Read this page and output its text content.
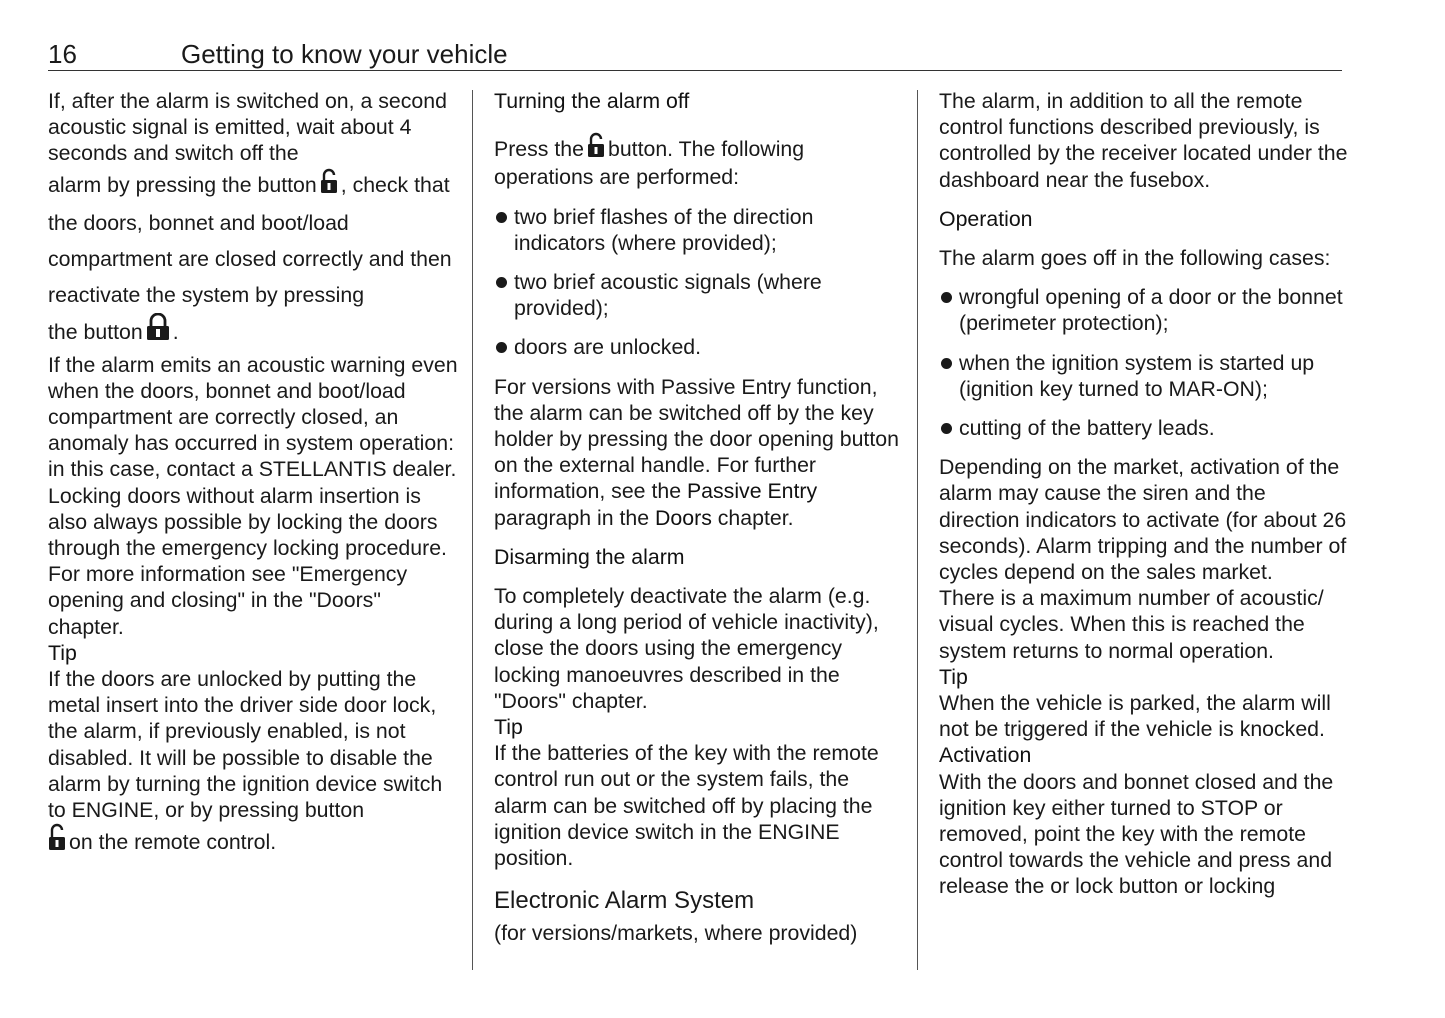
16	Getting to know your vehicle

If, after the alarm is switched on, a second acoustic signal is emitted, wait about 4 seconds and switch off the

alarm by pressing the button , check that the doors, bonnet and boot/load compartment are closed correctly and then reactivate the system by pressing

the button .

If the alarm emits an acoustic warning even when the doors, bonnet and boot/load compartment are correctly closed, an anomaly has occurred in system operation: in this case, contact a STELLANTIS dealer.

Locking doors without alarm insertion is also always possible by locking the doors through the emergency locking procedure. For more information see "Emergency opening and closing" in the "Doors" chapter.

Tip

If the doors are unlocked by putting the metal insert into the driver side door lock, the alarm, if previously enabled, is not disabled. It will be possible to disable the alarm by turning the ignition device switch to ENGINE, or by pressing button

on the remote control.

Turning the alarm off

Press the button. The following operations are performed:

two brief flashes of the direction indicators (where provided);

two brief acoustic signals (where provided);

doors are unlocked.

For versions with Passive Entry function, the alarm can be switched off by the key holder by pressing the door opening button on the external handle. For further information, see the Passive Entry paragraph in the Doors chapter.

Disarming the alarm

To completely deactivate the alarm (e.g. during a long period of vehicle inactivity), close the doors using the emergency locking manoeuvres described in the "Doors" chapter.

Tip

If the batteries of the key with the remote control run out or the system fails, the alarm can be switched off by placing the ignition device switch in the ENGINE position.

Electronic Alarm System

(for versions/markets, where provided)

The alarm, in addition to all the remote control functions described previously, is controlled by the receiver located under the dashboard near the fusebox.

Operation

The alarm goes off in the following cases:

wrongful opening of a door or the bonnet (perimeter protection);

when the ignition system is started up (ignition key turned to MAR-ON);

cutting of the battery leads.

Depending on the market, activation of the alarm may cause the siren and the direction indicators to activate (for about 26 seconds). Alarm tripping and the number of cycles depend on the sales market.

There is a maximum number of acoustic/ visual cycles. When this is reached the system returns to normal operation.

Tip

When the vehicle is parked, the alarm will not be triggered if the vehicle is knocked.

Activation

With the doors and bonnet closed and the ignition key either turned to STOP or removed, point the key with the remote control towards the vehicle and press and release the or lock button or locking
